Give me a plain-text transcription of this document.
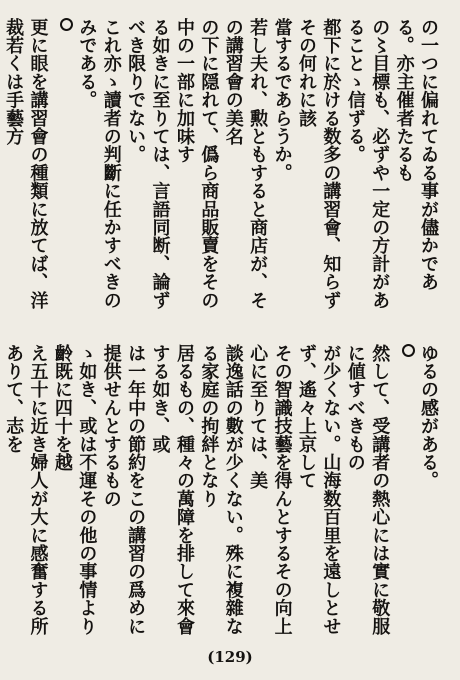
の一つに偏れてゐる事が儘かである。亦主催者たるも
の〻目標も、必ずや一定の方計があることゝ信ずる。
都下に於ける数多の講習會、知らずその何れに該
當するであらうか。
若し夫れ、勲ともすると商店が、その講習會の美名
の下に隠れて、僞ら商品販賣をその中の一部に加味す
る如きに至りては、言語同断、論ずべき限りでない。
これ亦ゝ讀者の判斷に任かすべきのみである。

更に眼を講習會の種類に放てば、洋裁若くは手藝方

ゆるの感がある。

然して、受講者の熱心には實に敬服に値すべきもの
が少くない。山海数百里を遠しとせず、遙々上京して
その智識技藝を得んとするその向上心に至りては、美
談逸話の數が少くない。殊に複雜なる家庭の拘絆となり
居るもの、種々の萬障を排して來會する如き、或
は一年中の節約をこの講習の爲めに提供せんとするもの
ゝ如き、或は不運その他の事情より齡既に四十を越
え五十に近き婦人が大に感奮する所ありて、志を

(129)
